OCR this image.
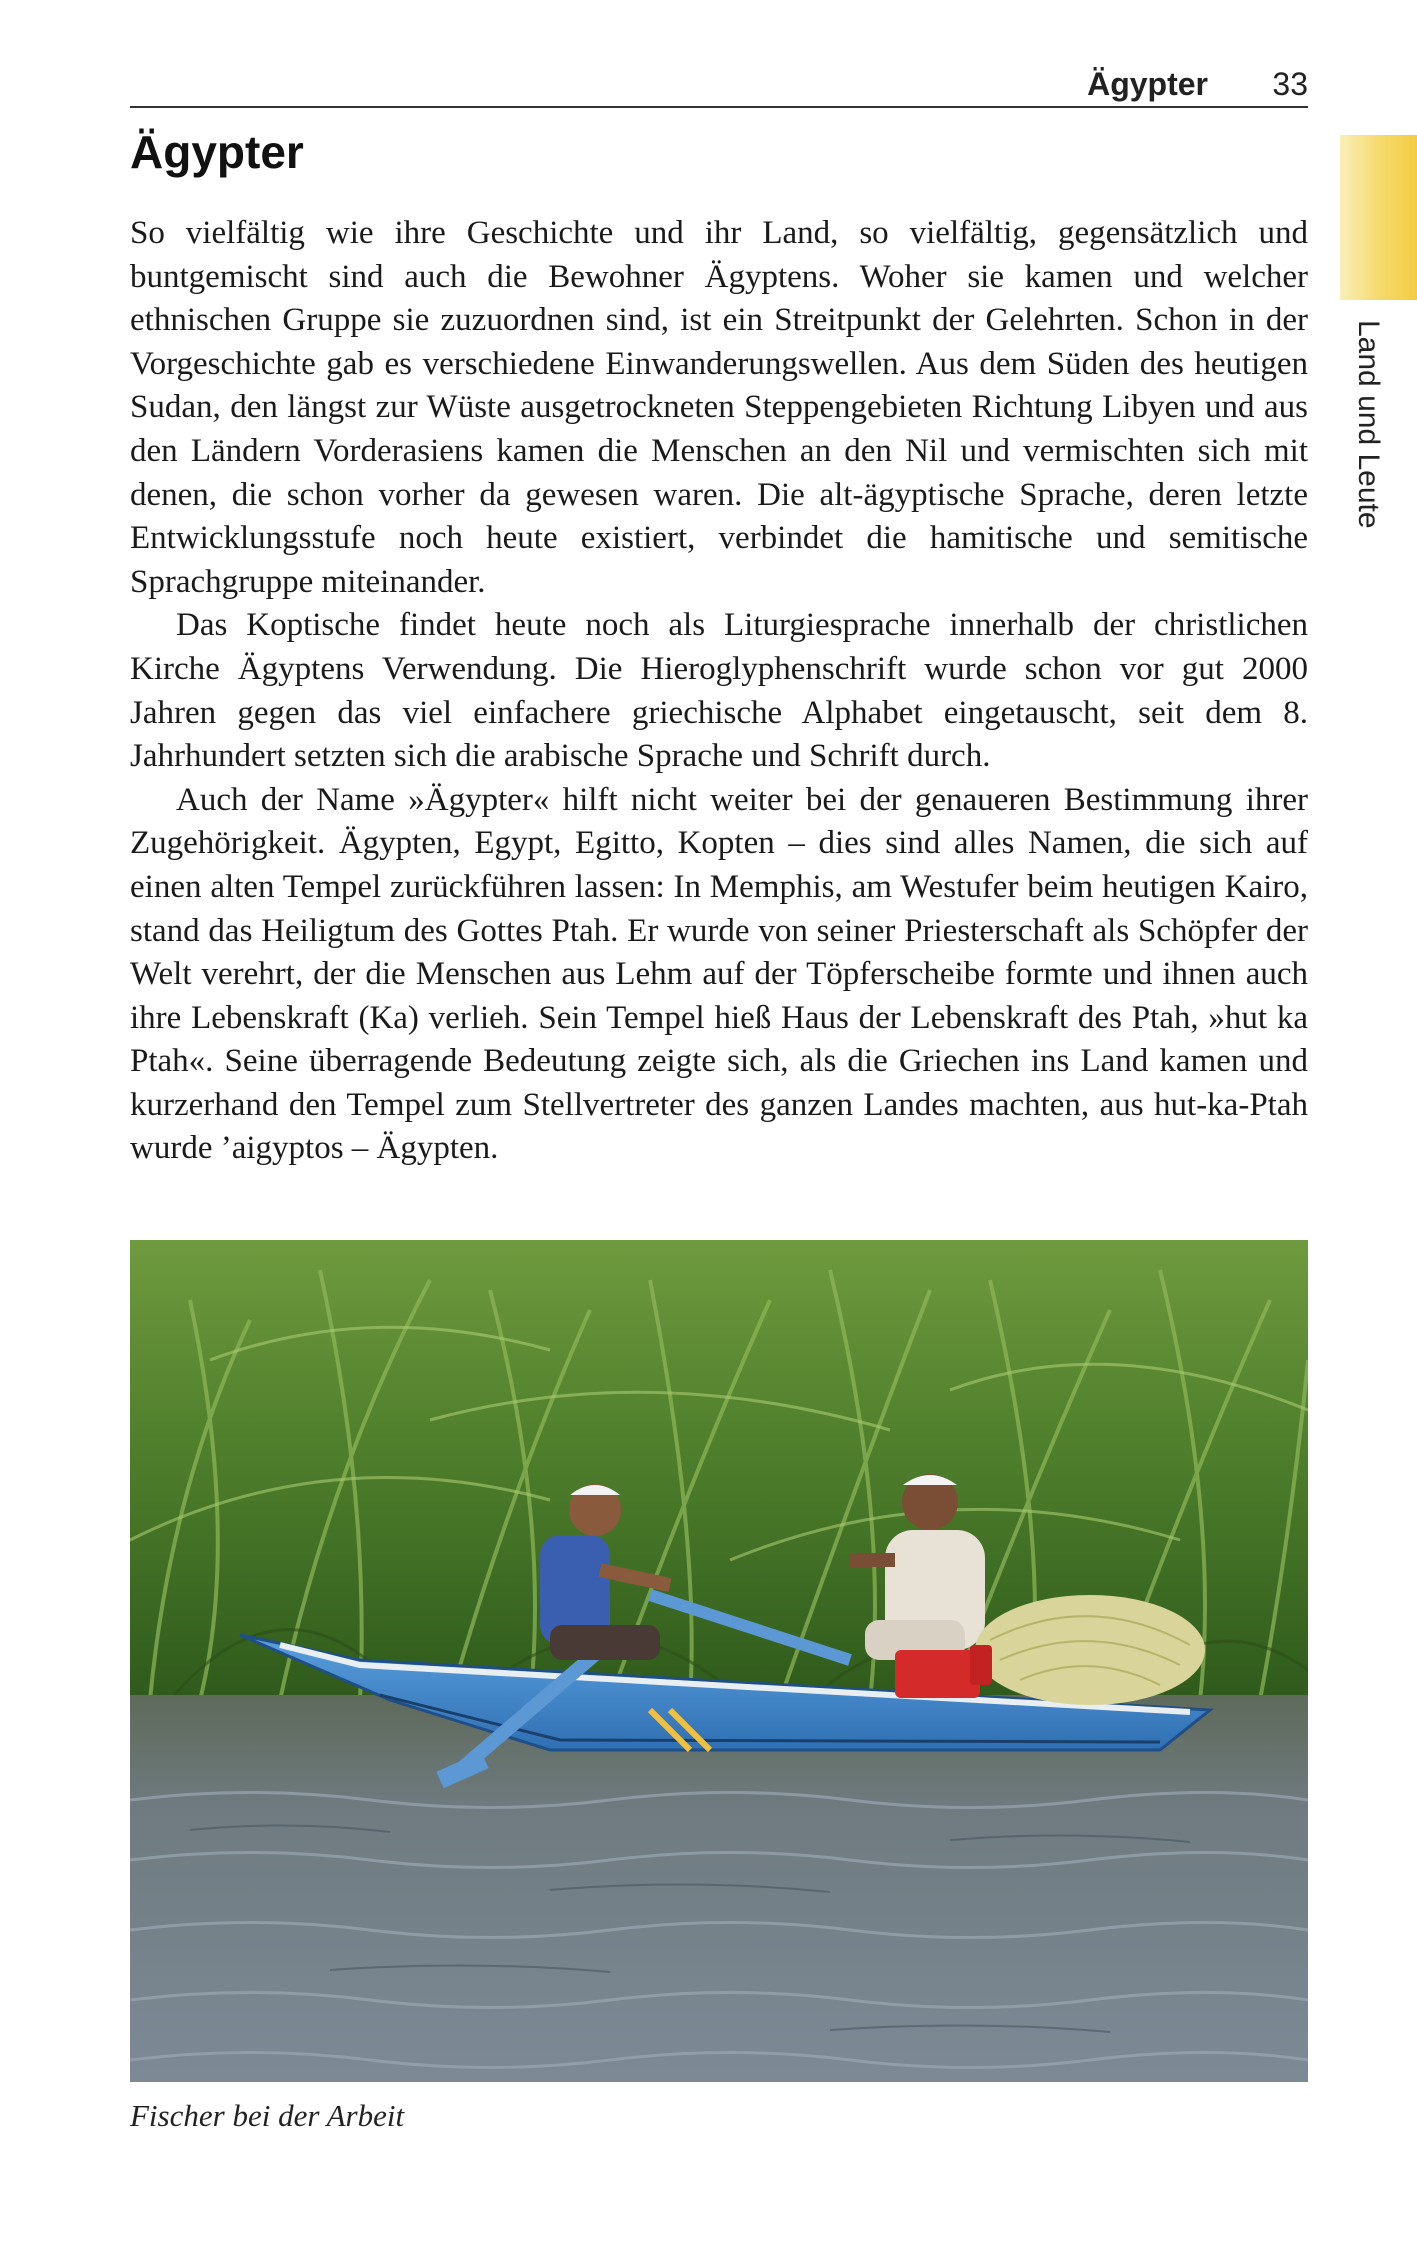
Ägypter 33
Land und Leute
Ägypter

So vielfältig wie ihre Geschichte und ihr Land, so vielfältig, gegensätzlich und buntgemischt sind auch die Bewohner Ägyptens. Woher sie kamen und welcher ethnischen Gruppe sie zuzuordnen sind, ist ein Streitpunkt der Gelehrten. Schon in der Vorgeschichte gab es verschiedene Einwanderungswellen. Aus dem Süden des heutigen Sudan, den längst zur Wüste ausgetrockneten Steppengebieten Richtung Libyen und aus den Ländern Vorderasiens kamen die Menschen an den Nil und vermischten sich mit denen, die schon vorher da gewesen waren. Die alt-ägyptische Sprache, deren letzte Entwicklungsstufe noch heute existiert, verbindet die hamitische und semitische Sprachgruppe miteinander.

Das Koptische findet heute noch als Liturgiesprache innerhalb der christlichen Kirche Ägyptens Verwendung. Die Hieroglyphenschrift wurde schon vor gut 2000 Jahren gegen das viel einfachere griechische Alphabet eingetauscht, seit dem 8. Jahrhundert setzten sich die arabische Sprache und Schrift durch.

Auch der Name »Ägypter« hilft nicht weiter bei der genaueren Bestimmung ihrer Zugehörigkeit. Ägypten, Egypt, Egitto, Kopten – dies sind alles Namen, die sich auf einen alten Tempel zurückführen lassen: In Memphis, am Westufer beim heutigen Kairo, stand das Heiligtum des Gottes Ptah. Er wurde von seiner Priesterschaft als Schöpfer der Welt verehrt, der die Menschen aus Lehm auf der Töpferscheibe formte und ihnen auch ihre Lebenskraft (Ka) verlieh. Sein Tempel hieß Haus der Lebenskraft des Ptah, »hut ka Ptah«. Seine überragende Bedeutung zeigte sich, als die Griechen ins Land kamen und kurzerhand den Tempel zum Stellvertreter des ganzen Landes machten, aus hut-ka-Ptah wurde ’aigyptos – Ägypten.

Fischer bei der Arbeit
